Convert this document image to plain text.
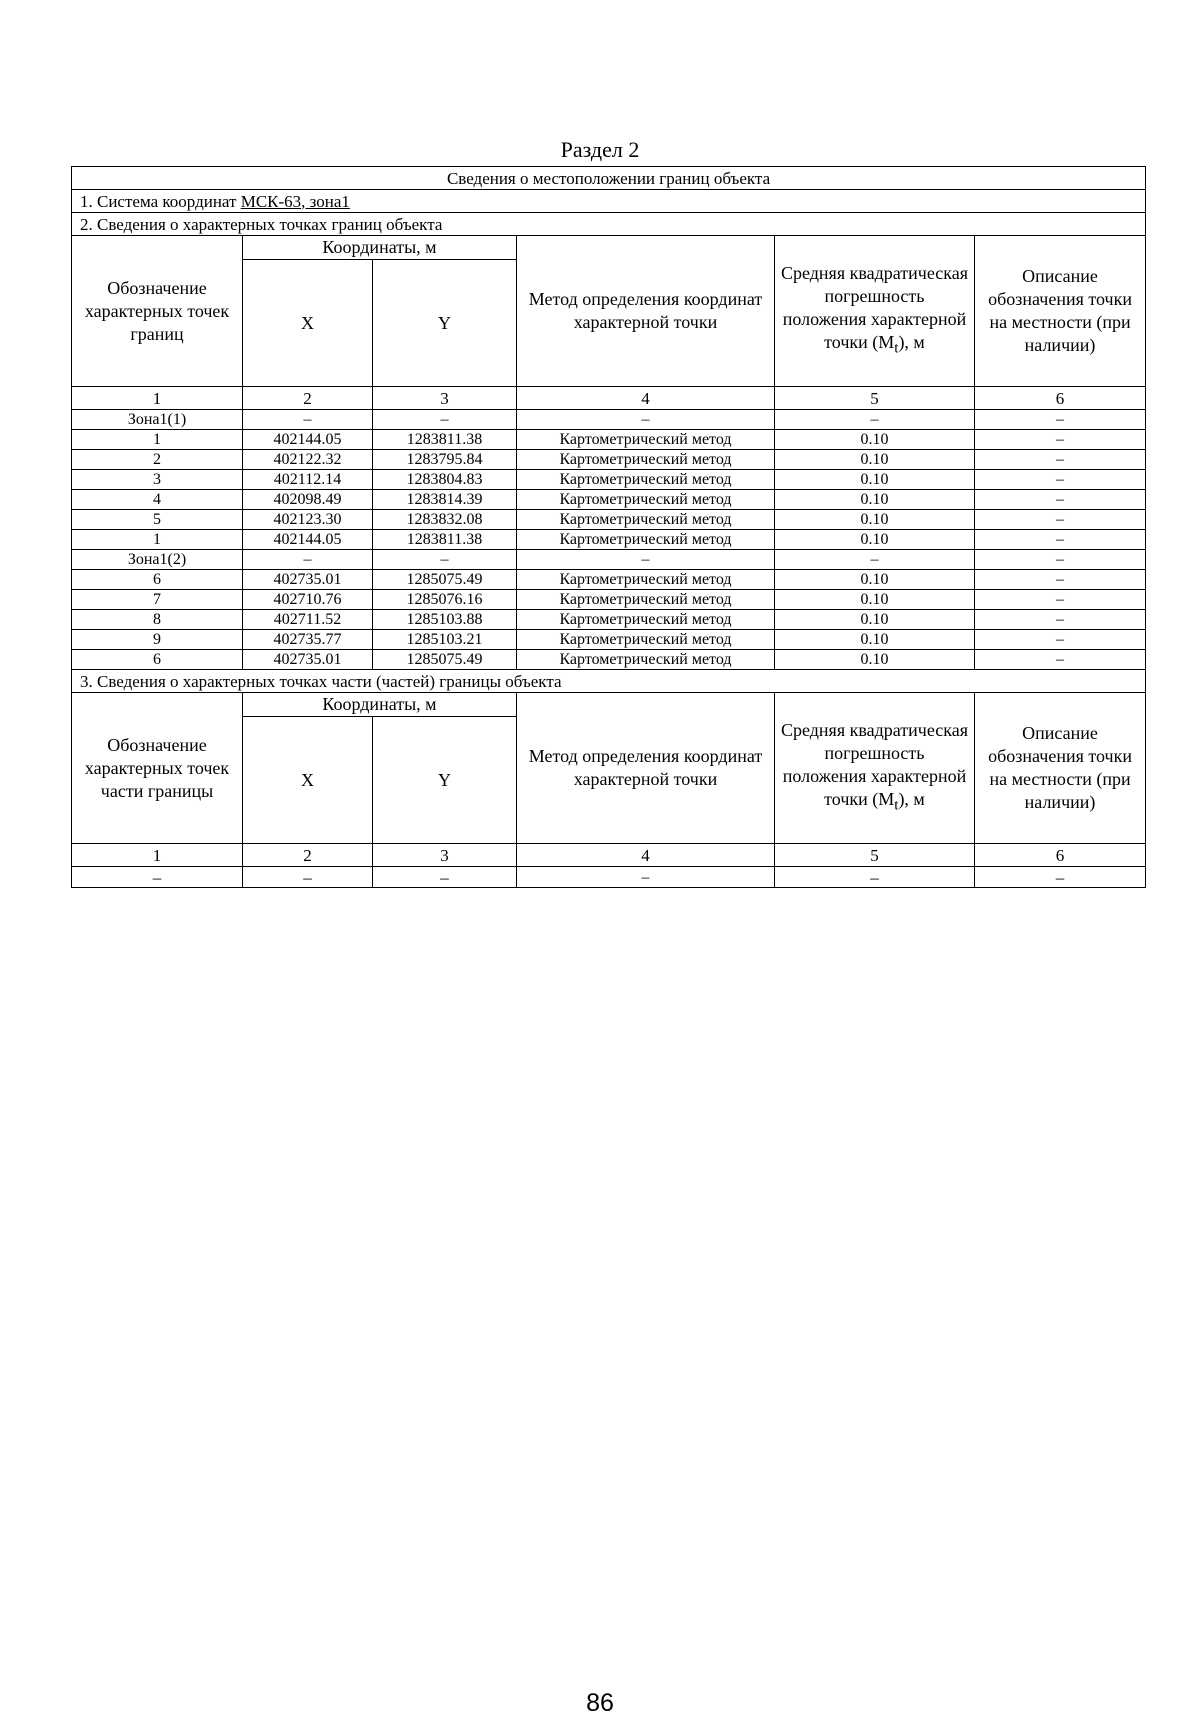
Раздел 2
Сведения о местоположении границ объекта					
1. Система координат МСК-63, зона1					
2. Сведения о характерных точках границ объекта					
Обозначение характерных точек границ	Координаты, м		Метод определения координат характерной точки	Средняя квадратическая погрешность положения характерной точки $(M_t)$, м	Описание обозначения точки на местности (при наличии)
	X	Y			
1	2	3	4	5	6
Зона1(1)	–	–	–	–	–
1	402144.05	1283811.38	Картометрический метод	0.10	–
2	402122.32	1283795.84	Картометрический метод	0.10	–
3	402112.14	1283804.83	Картометрический метод	0.10	–
4	402098.49	1283814.39	Картометрический метод	0.10	–
5	402123.30	1283832.08	Картометрический метод	0.10	–
1	402144.05	1283811.38	Картометрический метод	0.10	–
Зона1(2)	–	–	–	–	–
6	402735.01	1285075.49	Картометрический метод	0.10	–
7	402710.76	1285076.16	Картометрический метод	0.10	–
8	402711.52	1285103.88	Картометрический метод	0.10	–
9	402735.77	1285103.21	Картометрический метод	0.10	–
6	402735.01	1285075.49	Картометрический метод	0.10	–
3. Сведения о характерных точках части (частей) границы объекта					
Обозначение характерных точек части границы	Координаты, м		Метод определения координат характерной точки	Средняя квадратическая погрешность положения характерной точки $(M_t)$, м	Описание обозначения точки на местности (при наличии)
	X	Y			
1	2	3	4	5	6
–	–	–	–	–	–

86
